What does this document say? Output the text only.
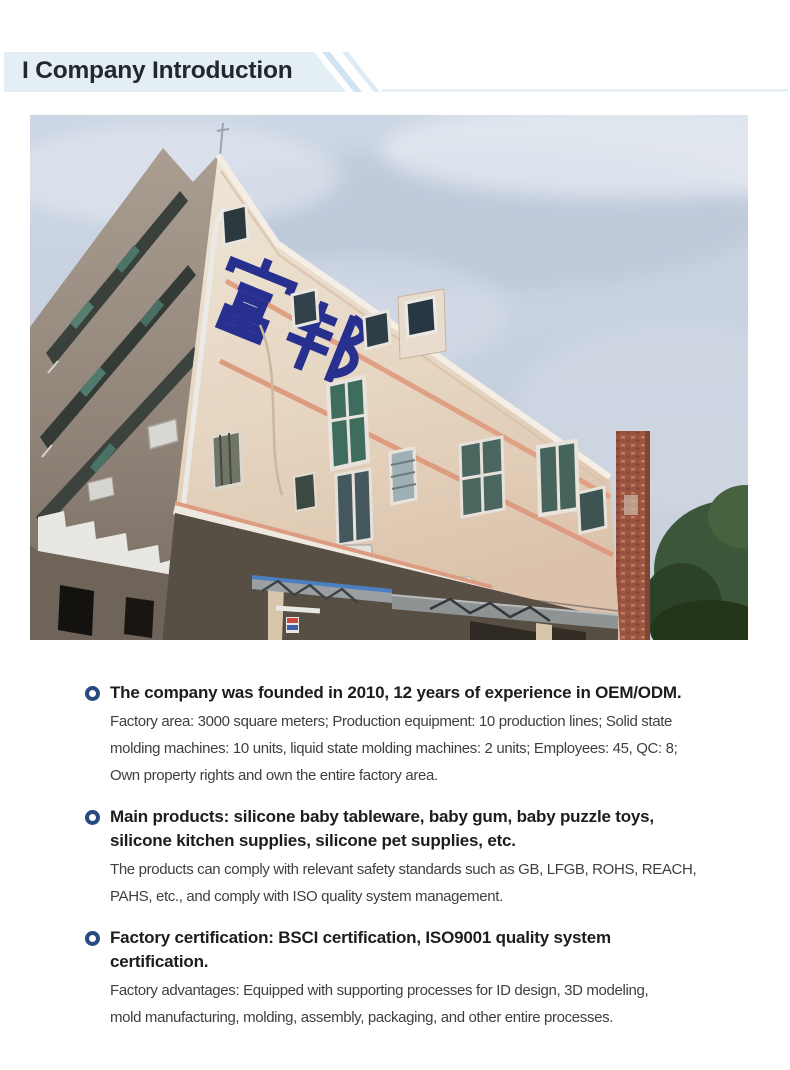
I Company Introduction
The company was founded in 2010, 12 years of experience in OEM/ODM.
Factory area: 3000 square meters; Production equipment: 10 production lines; Solid state
molding machines: 10 units, liquid state molding machines: 2 units; Employees: 45, QC: 8;
Own property rights and own the entire factory area.
Main products: silicone baby tableware, baby gum, baby puzzle toys,
silicone kitchen supplies, silicone pet supplies, etc.
The products can comply with relevant safety standards such as GB, LFGB, ROHS, REACH,
PAHS, etc., and comply with ISO quality system management.
Factory certification: BSCI certification, ISO9001 quality system
certification.
Factory advantages: Equipped with supporting processes for ID design, 3D modeling,
mold manufacturing, molding, assembly, packaging, and other entire processes.
